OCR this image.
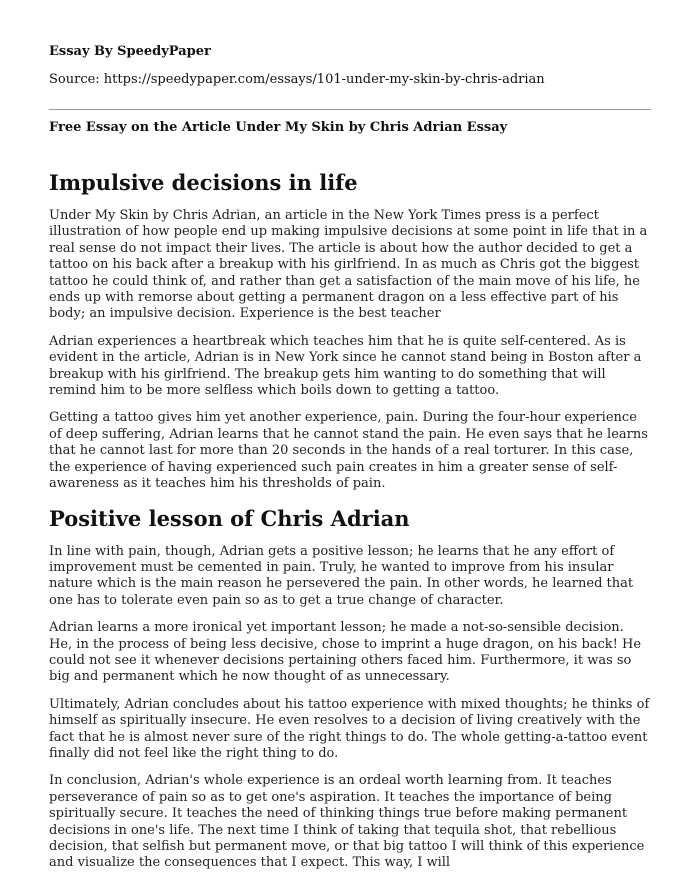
Essay By SpeedyPaper
Source: https://speedypaper.com/essays/101-under-my-skin-by-chris-adrian
Free Essay on the Article Under My Skin by Chris Adrian Essay
Impulsive decisions in life

Under My Skin by Chris Adrian, an article in the New York Times press is a perfect illustration of how people end up making impulsive decisions at some point in life that in a real sense do not impact their lives. The article is about how the author decided to get a tattoo on his back after a breakup with his girlfriend. In as much as Chris got the biggest tattoo he could think of, and rather than get a satisfaction of the main move of his life, he ends up with remorse about getting a permanent dragon on a less effective part of his body; an impulsive decision. Experience is the best teacher

Adrian experiences a heartbreak which teaches him that he is quite self-centered. As is evident in the article, Adrian is in New York since he cannot stand being in Boston after a breakup with his girlfriend. The breakup gets him wanting to do something that will remind him to be more selfless which boils down to getting a tattoo.

Getting a tattoo gives him yet another experience, pain. During the four-hour experience of deep suffering, Adrian learns that he cannot stand the pain. He even says that he learns that he cannot last for more than 20 seconds in the hands of a real torturer. In this case, the experience of having experienced such pain creates in him a greater sense of self-awareness as it teaches him his thresholds of pain.

Positive lesson of Chris Adrian

In line with pain, though, Adrian gets a positive lesson; he learns that he any effort of improvement must be cemented in pain. Truly, he wanted to improve from his insular nature which is the main reason he persevered the pain. In other words, he learned that one has to tolerate even pain so as to get a true change of character.

Adrian learns a more ironical yet important lesson; he made a not-so-sensible decision. He, in the process of being less decisive, chose to imprint a huge dragon, on his back! He could not see it whenever decisions pertaining others faced him. Furthermore, it was so big and permanent which he now thought of as unnecessary.

Ultimately, Adrian concludes about his tattoo experience with mixed thoughts; he thinks of himself as spiritually insecure. He even resolves to a decision of living creatively with the fact that he is almost never sure of the right things to do. The whole getting-a-tattoo event finally did not feel like the right thing to do.

In conclusion, Adrian's whole experience is an ordeal worth learning from. It teaches perseverance of pain so as to get one's aspiration. It teaches the importance of being spiritually secure. It teaches the need of thinking things true before making permanent decisions in one's life. The next time I think of taking that tequila shot, that rebellious decision, that selfish but permanent move, or that big tattoo I will think of this experience and visualize the consequences that I expect. This way, I will
